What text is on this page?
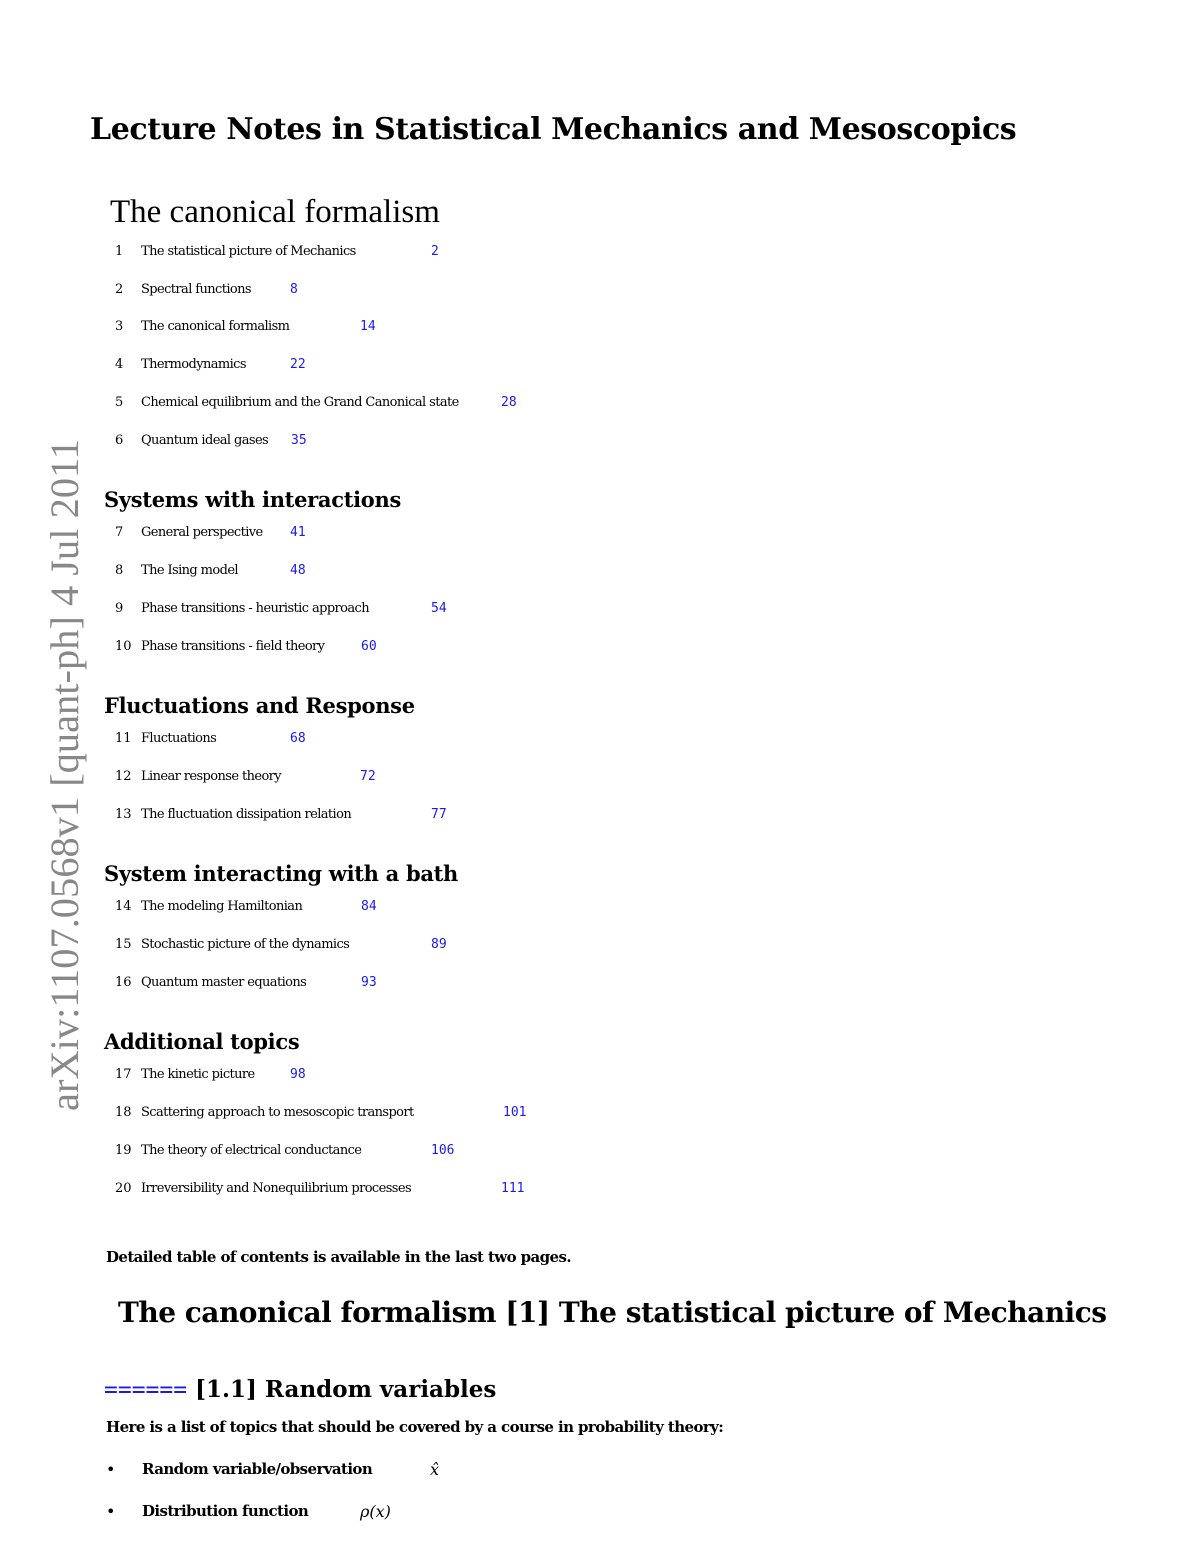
arXiv:1107.0568v1 [quant-ph] 4 Jul 2011
Lecture Notes in Statistical Mechanics and Mesoscopics
The canonical formalism
Systems with interactions
Fluctuations and Response
System interacting with a bath
Additional topics
1 The statistical picture of Mechanics	2
2 Spectral functions	8
3 The canonical formalism	14
4 Thermodynamics	22
5 Chemical equilibrium and the Grand Canonical state	28
6 Quantum ideal gases 35
7 General perspective 41
8 The Ising model	48
9 Phase transitions - heuristic approach	54
10 Phase transitions - field theory	60
11 Fluctuations	68
12 Linear response theory	72
13 The fluctuation dissipation relation	77
14 The modeling Hamiltonian	84
15 Stochastic picture of the dynamics	89
16 Quantum master equations	93
17 The kinetic picture	98
18 Scattering approach to mesoscopic transport	101
19 The theory of electrical conductance	106
20 Irreversibility and Nonequilibrium processes	111

Detailed table of contents is available in the last two pages.

The canonical formalism [1] The statistical picture of Mechanics
====== [1.1] Random variables

Here is a list of topics that should be covered by a course in probability theory:

• Random variable/observation	x̂
• Distribution function	ρ(x)
